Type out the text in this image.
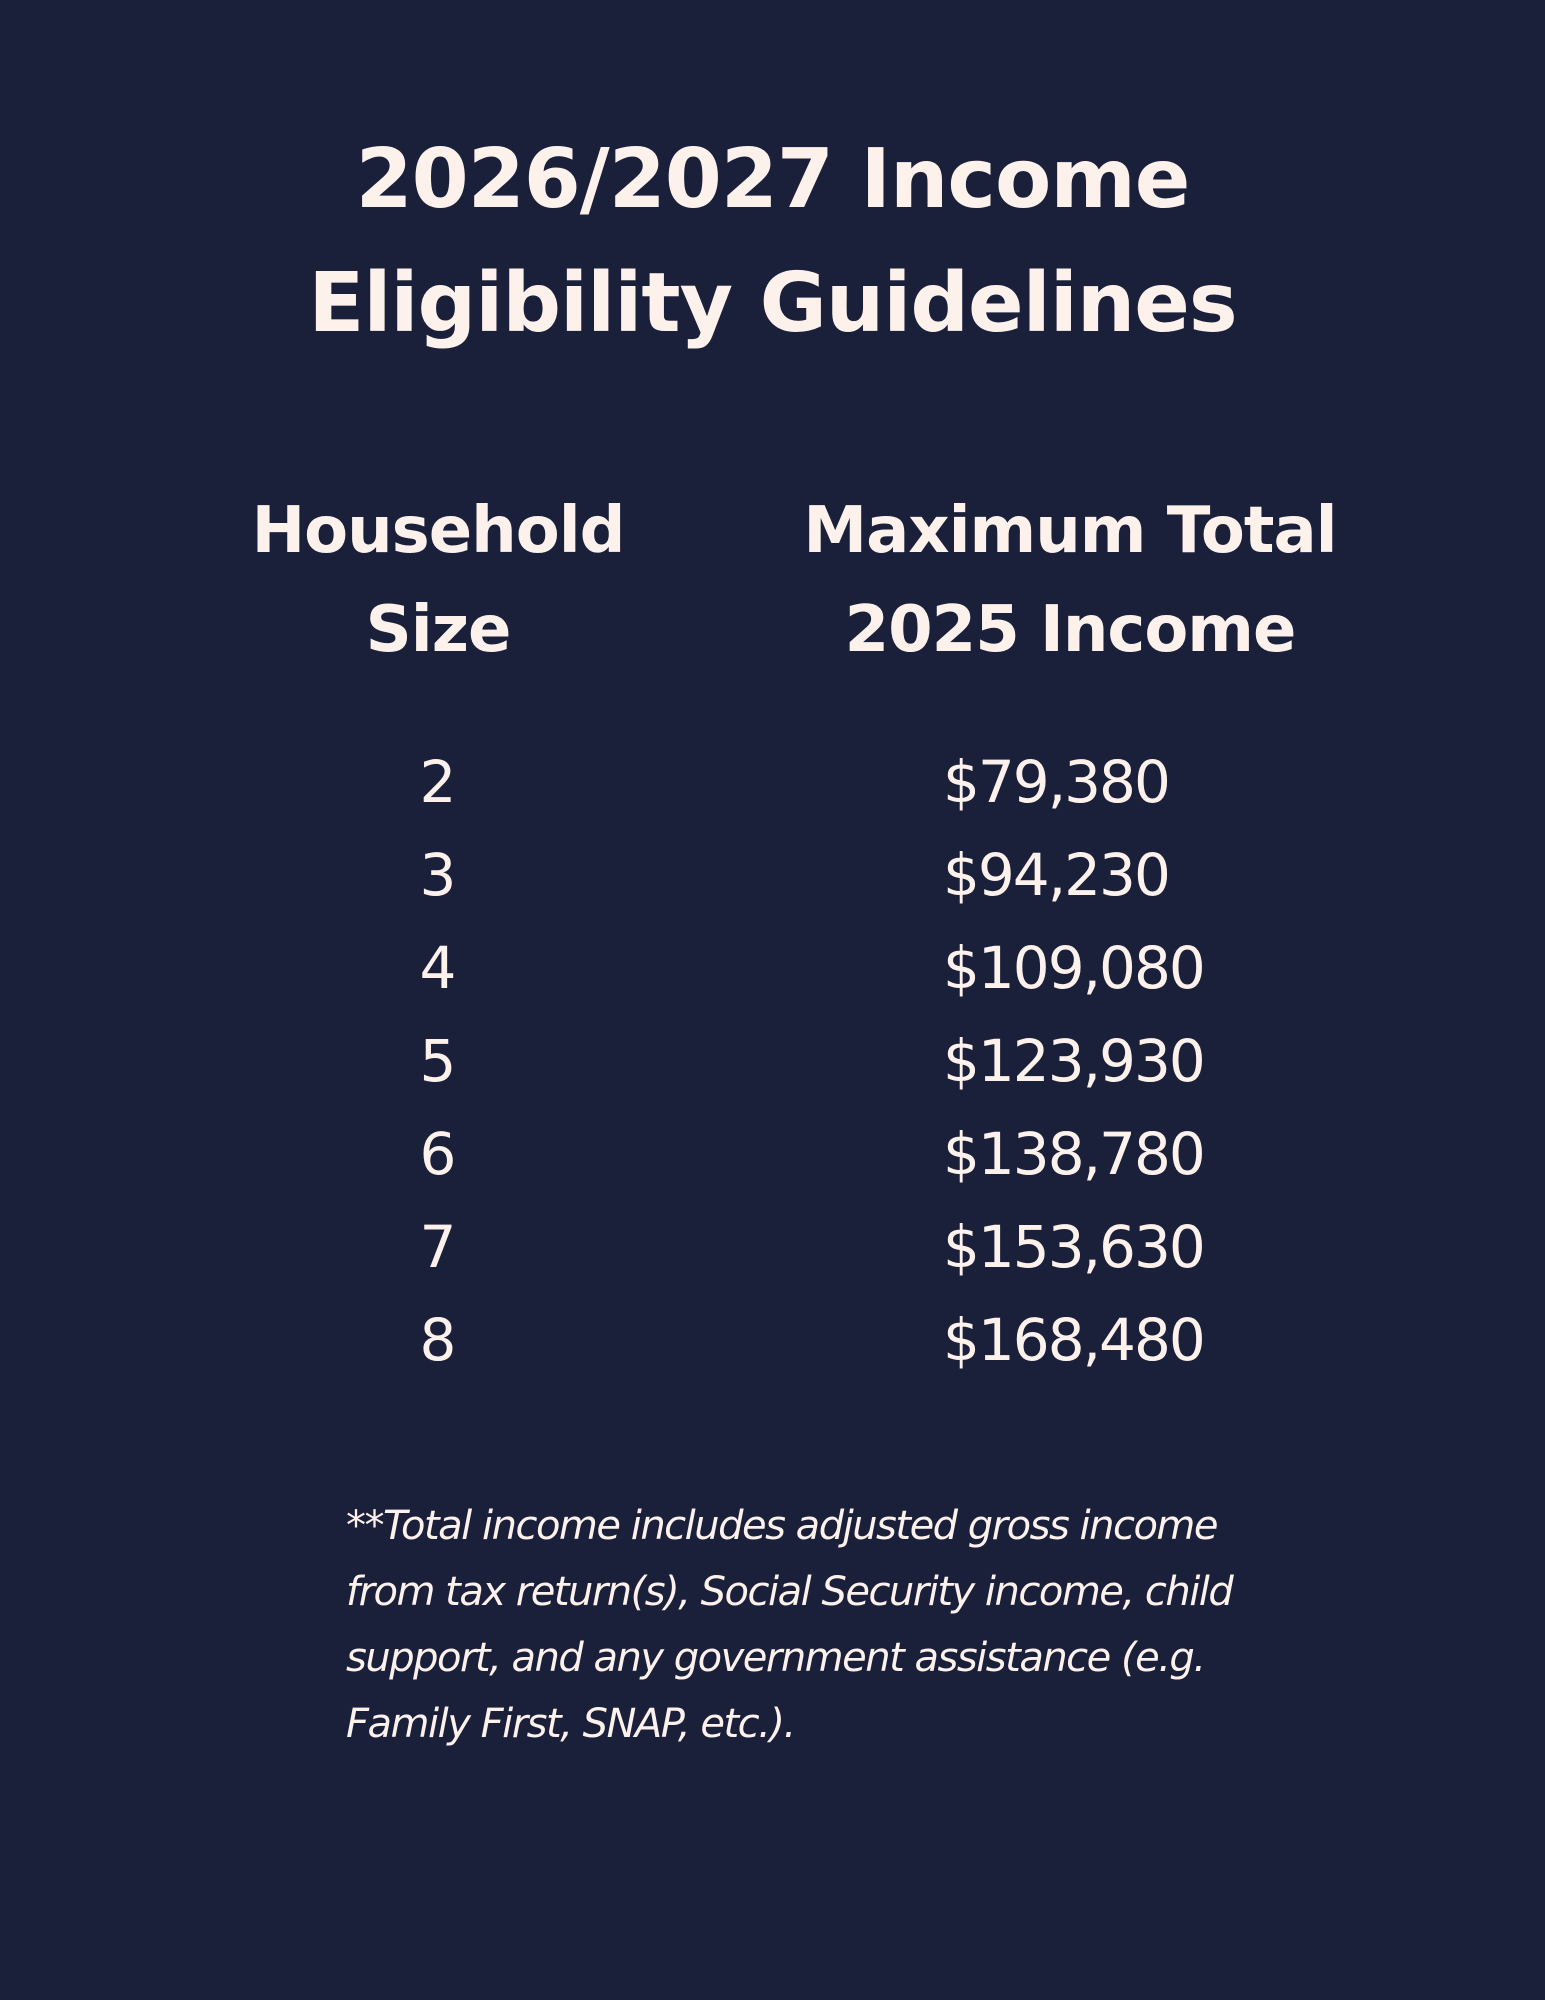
2026/2027 Income
Eligibility Guidelines
Household
Size
Maximum Total
2025 Income
2	$79,380
3	$94,230
4	$109,080
5	$123,930
6	$138,780
7	$153,630
8	$168,480

**Total income includes adjusted gross income
from tax return(s), Social Security income, child
support, and any government assistance (e.g.
Family First, SNAP, etc.).
